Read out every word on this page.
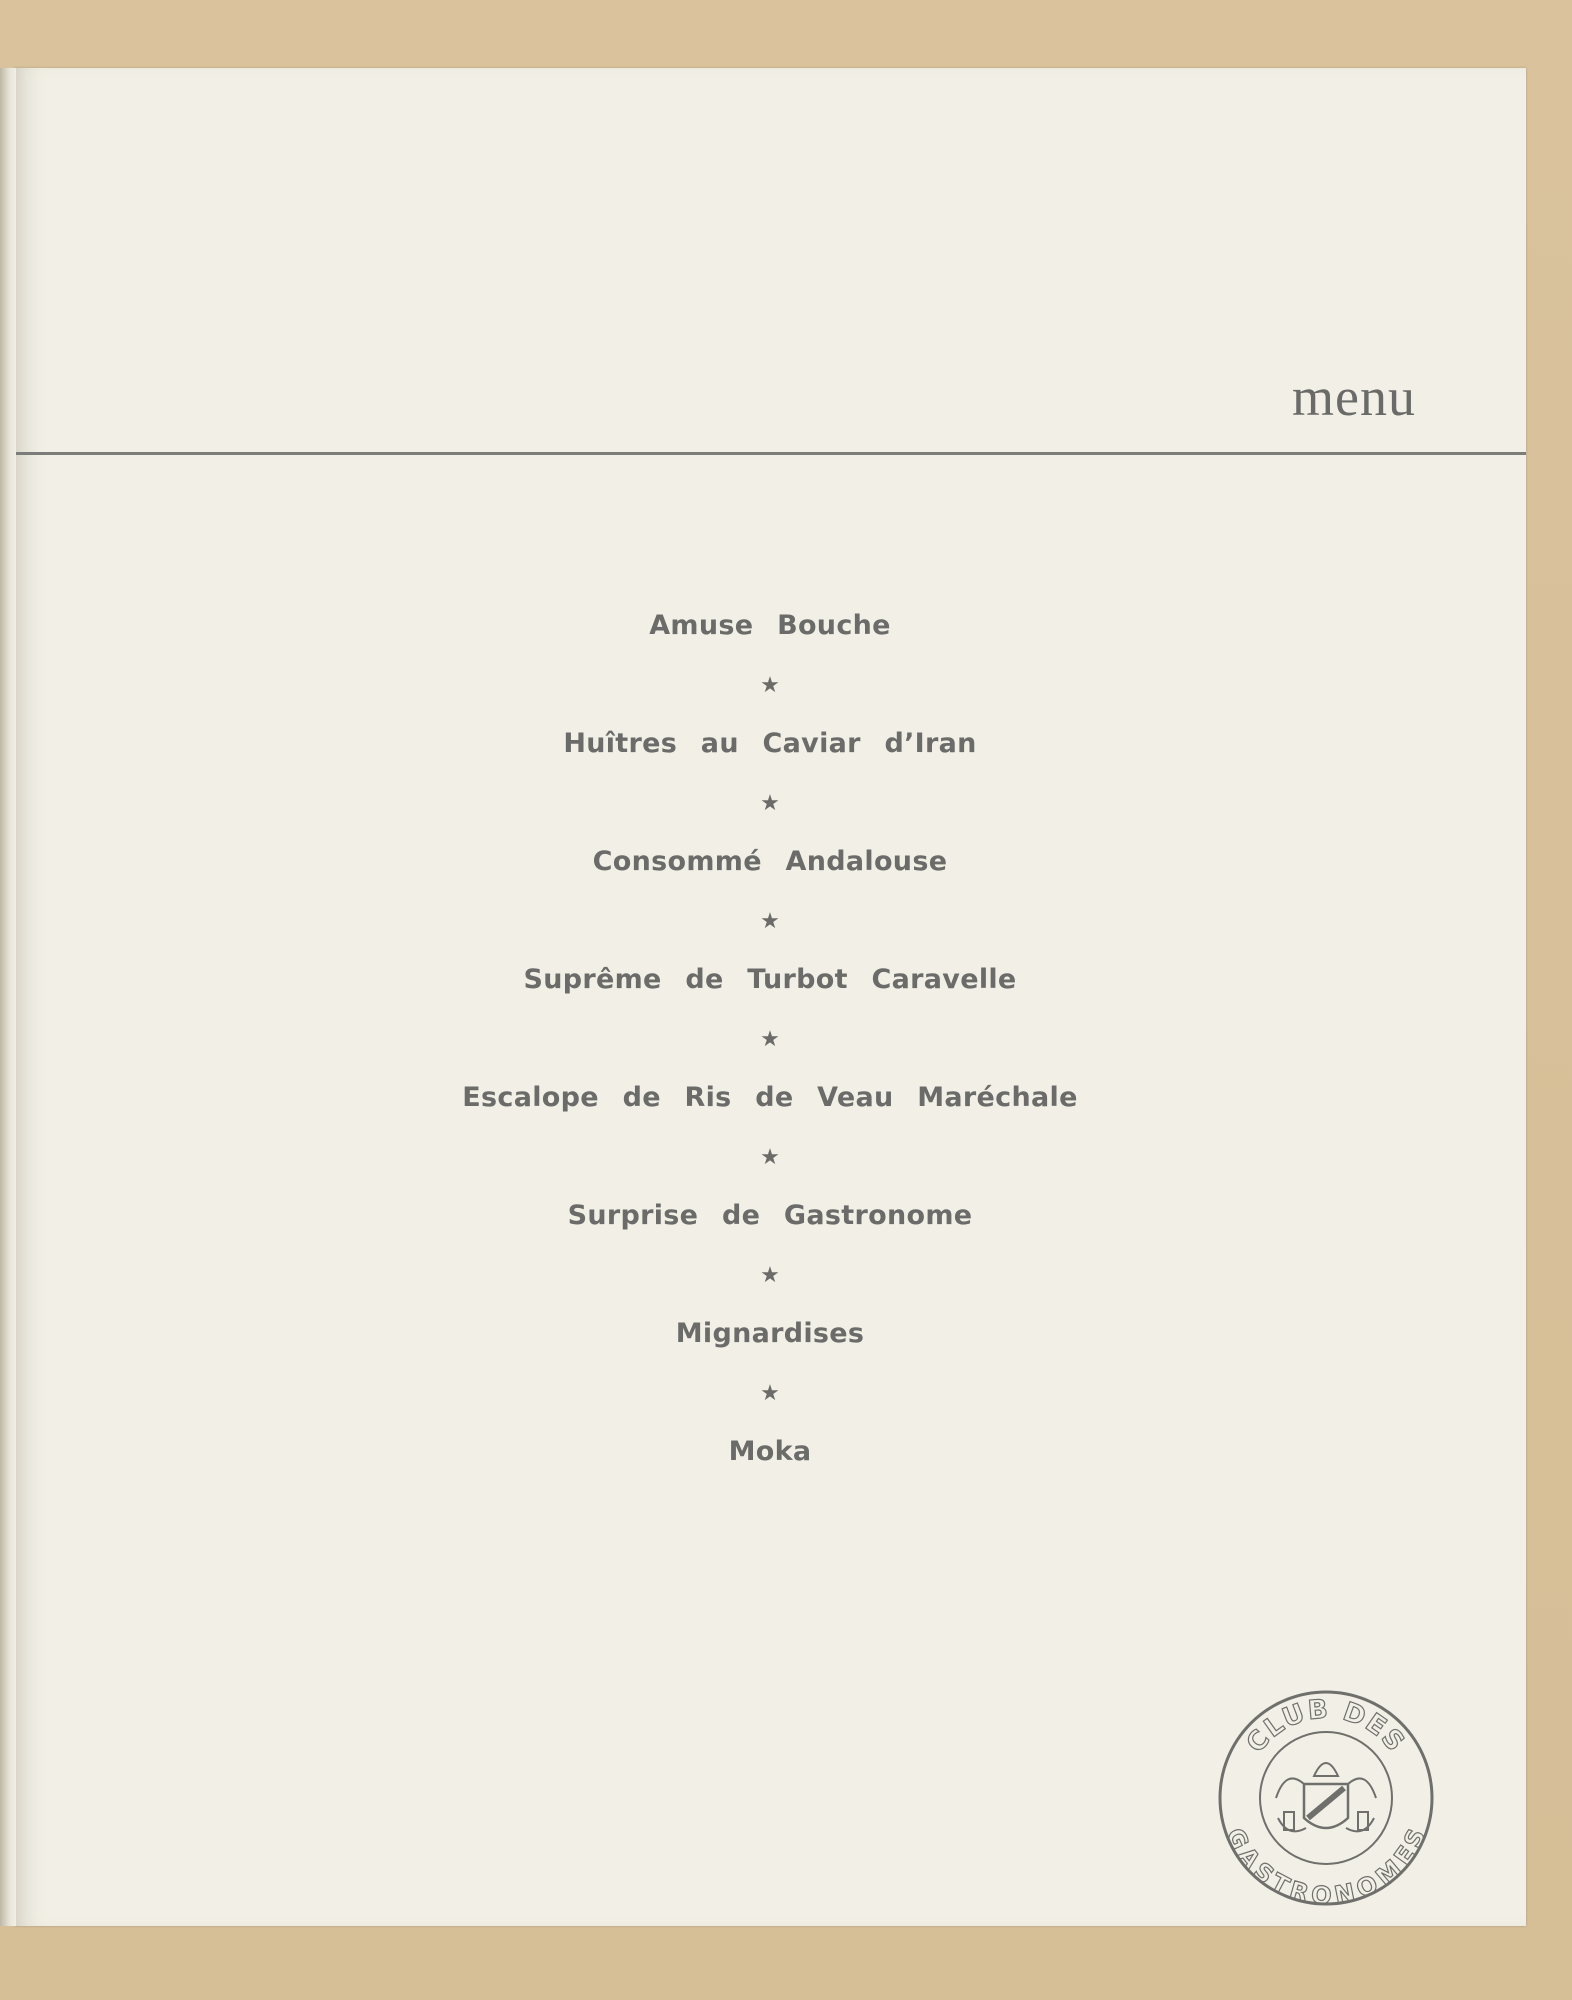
menu
Amuse Bouche
★
Huîtres au Caviar d’Iran
★
Consommé Andalouse
★
Suprême de Turbot Caravelle
★
Escalope de Ris de Veau Maréchale
★
Surprise de Gastronome
★
Mignardises
★
Moka
CLUB DES
GASTRONOMES
